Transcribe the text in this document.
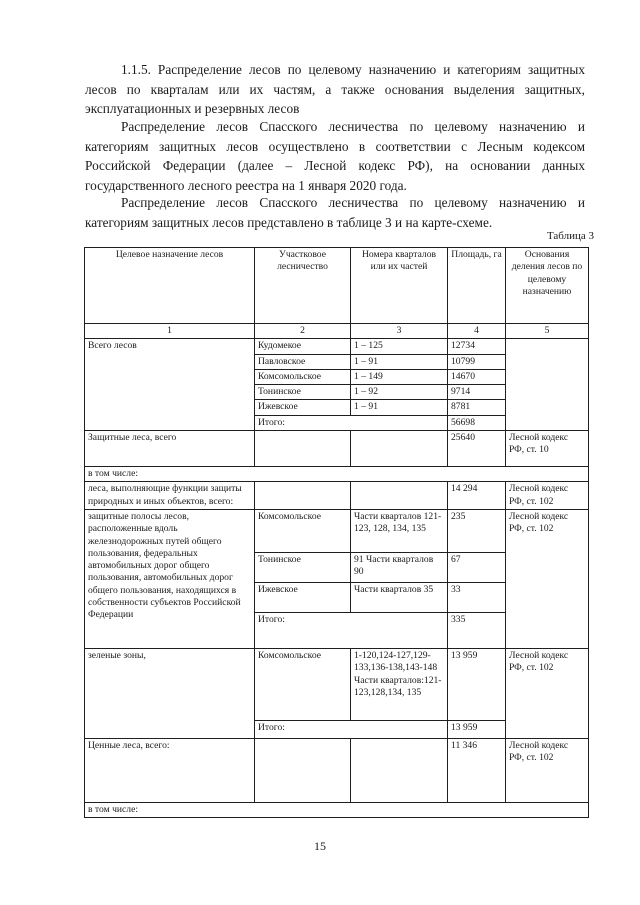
1.1.5. Распределение лесов по целевому назначению и категориям защитных лесов по кварталам или их частям, а также основания выделения защитных, эксплуатационных и резервных лесов

Распределение лесов Спасского лесничества по целевому назначению и категориям защитных лесов осуществлено в соответствии с Лесным кодексом Российской Федерации (далее – Лесной кодекс РФ), на основании данных государственного лесного реестра на 1 января 2020 года.

Распределение лесов Спасского лесничества по целевому назначению и категориям защитных лесов представлено в таблице 3 и на карте-схеме.

Таблица 3
Целевое назначение лесов	Участковое лесничество	Номера кварталов или их частей	Площадь, га	Основания деления лесов по целевому назначению
1	2	3	4	5
Всего лесов	Кудомекое	1 – 125	12734	
	Павловское	1 – 91	10799	
	Комсомольское	1 – 149	14670	
	Тонинское	1 – 92	9714	
	Ижевское	1 – 91	8781	
	Итого:		56698	
Защитные леса, всего			25640	Лесной кодекс РФ, ст. 10
в том числе:				
леса, выполняющие функции защиты природных и иных объектов, всего:			14 294	Лесной кодекс РФ, ст. 102
защитные полосы лесов, расположенные вдоль железнодорожных путей общего пользования, федеральных автомобильных дорог общего пользования, автомобильных дорог общего пользования, находящихся в собственности субъектов Российской Федерации	Комсомольское	Части кварталов 121-123, 128, 134, 135	235	Лесной кодекс РФ, ст. 102
	Тонинское	91 Части кварталов 90	67	
	Ижевское	Части кварталов 35	33	
	Итого:		335	
зеленые зоны,	Комсомольское	1-120,124-127,129-133,136-138,143-148 Части кварталов:121-123,128,134, 135	13 959	Лесной кодекс РФ, ст. 102
	Итого:		13 959	
Ценные леса, всего:			11 346	Лесной кодекс РФ, ст. 102
в том числе:				
15
